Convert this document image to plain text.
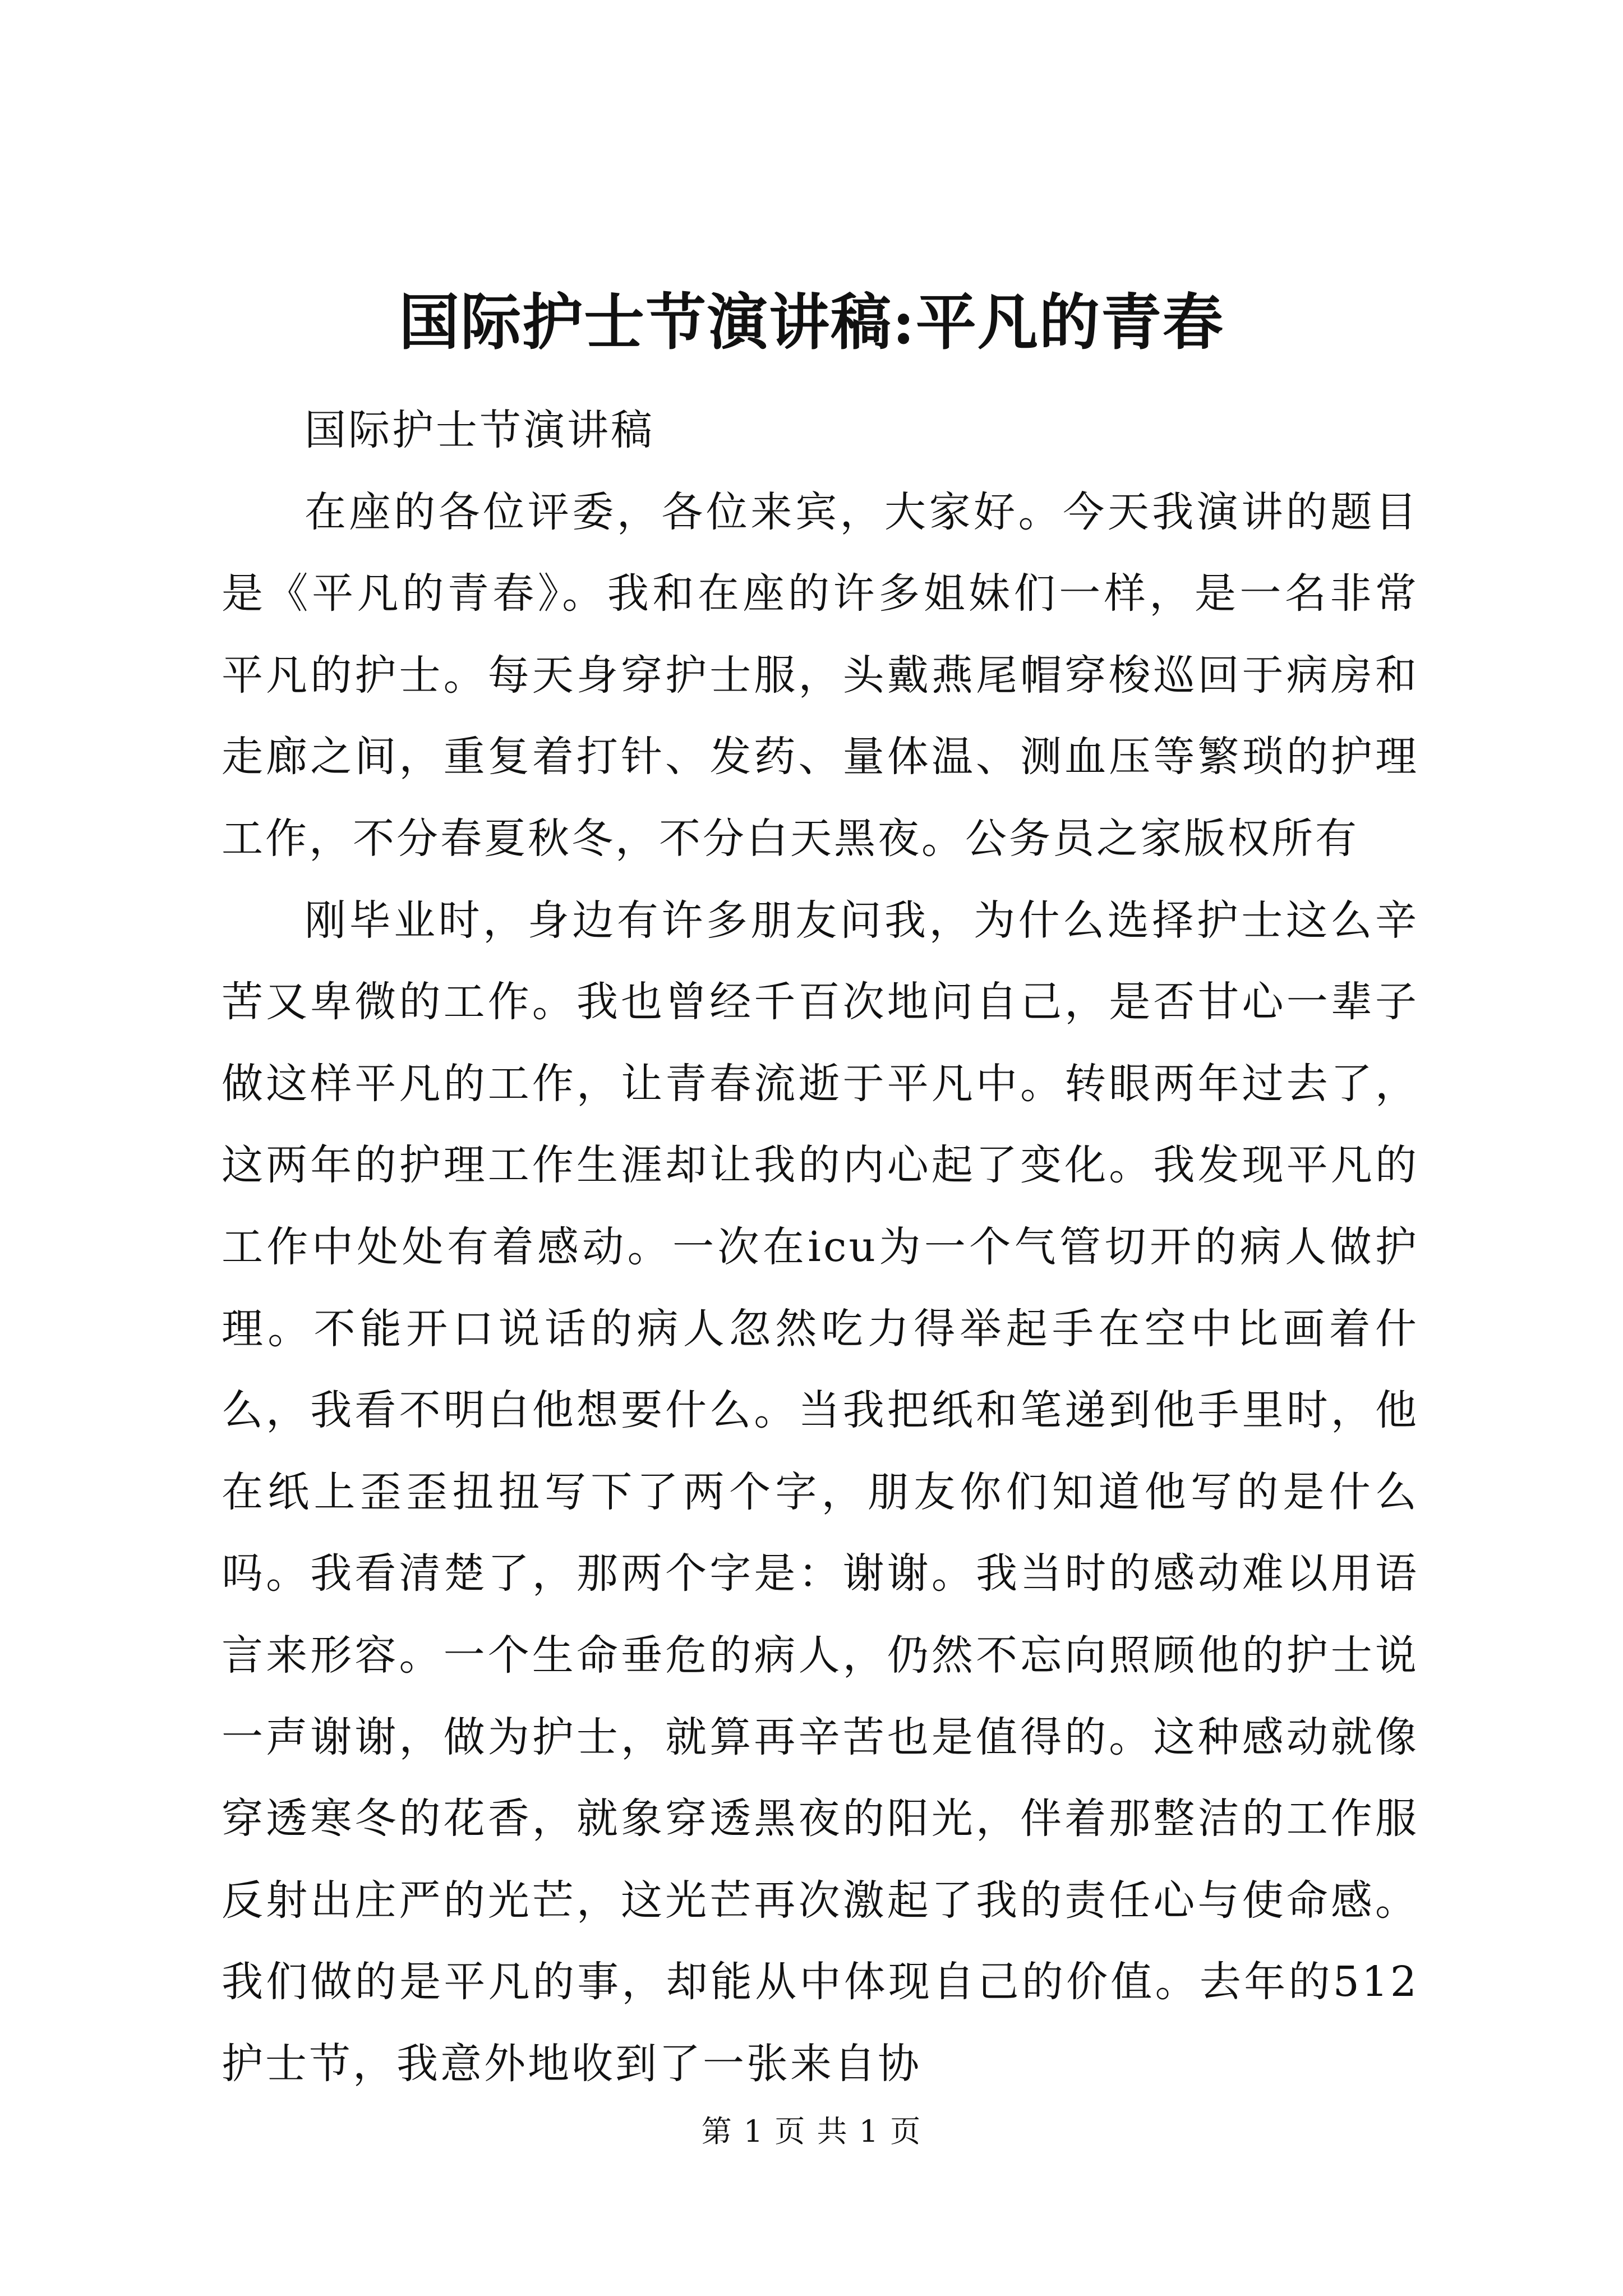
国际护士节演讲稿:平凡的青春

国际护士节演讲稿

在座的各位评委，各位来宾，大家好。今天我演讲的题目是《平凡的青春》。我和在座的许多姐妹们一样，是一名非常平凡的护士。每天身穿护士服，头戴燕尾帽穿梭巡回于病房和走廊之间，重复着打针、发药、量体温、测血压等繁琐的护理工作，不分春夏秋冬，不分白天黑夜。公务员之家版权所有

刚毕业时，身边有许多朋友问我，为什么选择护士这么辛苦又卑微的工作。我也曾经千百次地问自己，是否甘心一辈子做这样平凡的工作，让青春流逝于平凡中。转眼两年过去了，这两年的护理工作生涯却让我的内心起了变化。我发现平凡的工作中处处有着感动。一次在icu为一个气管切开的病人做护理。不能开口说话的病人忽然吃力得举起手在空中比画着什么，我看不明白他想要什么。当我把纸和笔递到他手里时，他在纸上歪歪扭扭写下了两个字，朋友你们知道他写的是什么吗。我看清楚了，那两个字是：谢谢。我当时的感动难以用语言来形容。一个生命垂危的病人，仍然不忘向照顾他的护士说一声谢谢，做为护士，就算再辛苦也是值得的。这种感动就像穿透寒冬的花香，就象穿透黑夜的阳光，伴着那整洁的工作服反射出庄严的光芒，这光芒再次激起了我的责任心与使命感。我们做的是平凡的事，却能从中体现自己的价值。去年的512护士节，我意外地收到了一张来自协

第 1 页 共 1 页
